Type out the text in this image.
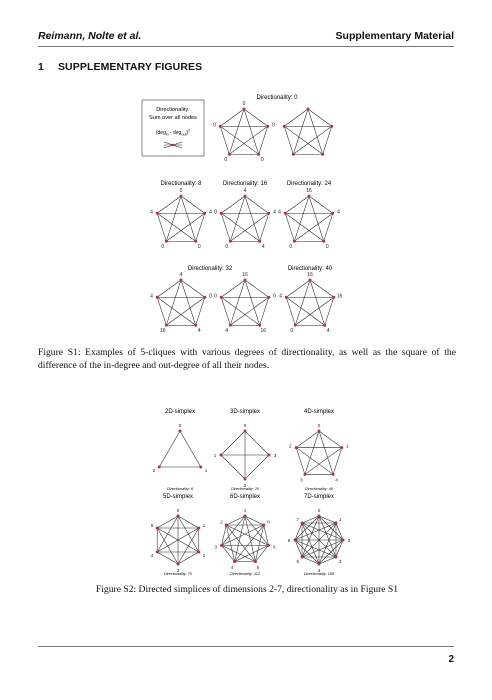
Reimann, Nolte et al.	Supplementary Material
1 SUPPLEMENTARY FIGURES
Directionality:
Sum over all nodes
(deg$_{in}$ - deg$_{out}$)$^2$
Directionality: 0
Directionality: 8	Directionality: 16	Directionality: 24
Directionality: 32	Directionality: 40
0
0
0
0
0
0
4
0
0
4
4
4
4
0
0
16
4
0
0
4
4
0
4
16
4
16
0
16
4
0
16
16
4
0
4
2D-simplex
0
1
2
Directionality: 8
3D-simplex
0
3
2
1
Directionality: 20
4D-simplex
0
1
4
3
2
Directionality: 40
5D-simplex
0
1
2
3
4
5
Directionality: 70
6D-simplex
1
0
6
5
4
3
2
Directionality: 112
7D-simplex
0
1
2
3
4
5
6
7
Directionality: 168
Figure S1: Examples of 5-cliques with various degrees of directionality, as well as the square of the difference of the in-degree and out-degree of all their nodes.
Figure S2: Directed simplices of dimensions 2-7, directionality as in Figure S1
2
